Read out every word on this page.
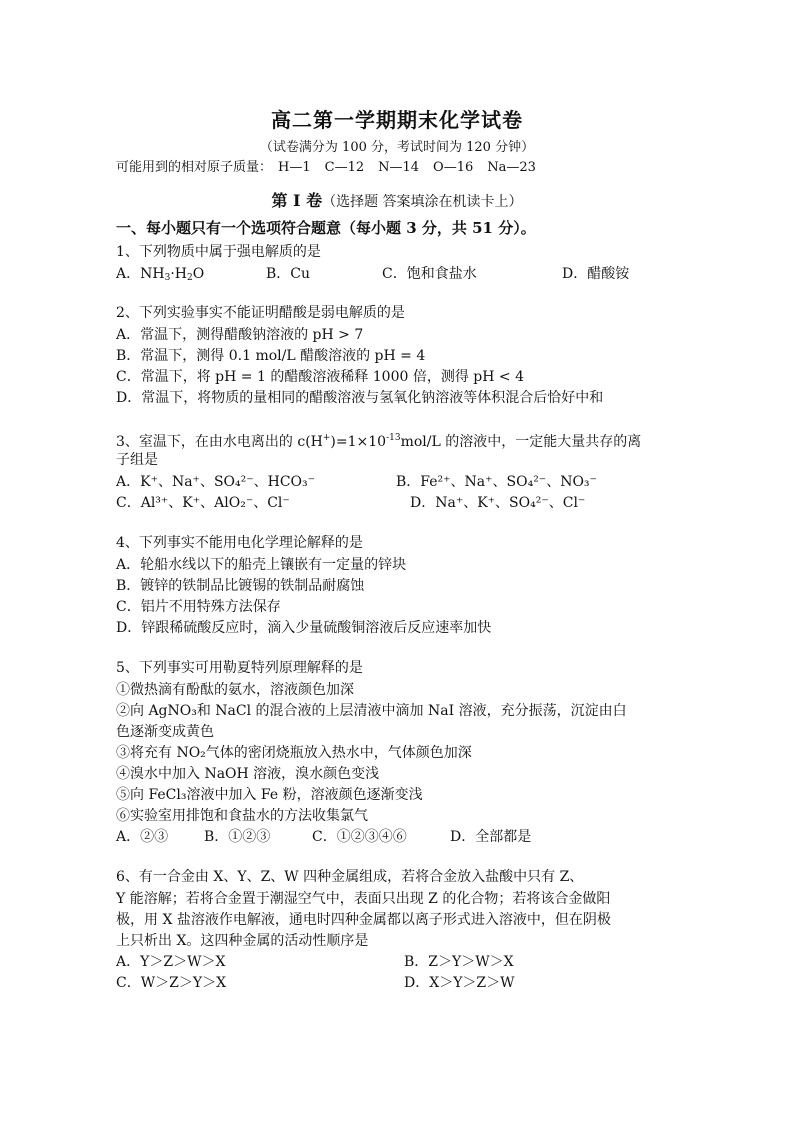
高二第一学期期末化学试卷
（试卷满分为 100 分，考试时间为 120 分钟）
可能用到的相对原子质量： H—1 C—12 N—14 O—16 Na—23
第 I 卷（选择题 答案填涂在机读卡上）
一、每小题只有一个选项符合题意（每小题 3 分，共 51 分）。
1、下列物质中属于强电解质的是
A．$NH_3\cdot H_2O$	B．Cu	C．饱和食盐水	D．醋酸铵
2、下列实验事实不能证明醋酸是弱电解质的是
A．常温下，测得醋酸钠溶液的 pH > 7
B．常温下，测得 0.1 mol/L 醋酸溶液的 pH = 4
C．常温下，将 pH = 1 的醋酸溶液稀释 1000 倍，测得 pH < 4
D．常温下，将物质的量相同的醋酸溶液与氢氧化钠溶液等体积混合后恰好中和
3、室温下，在由水电离出的 $c(H^+)=1\times 10^{-13}mol/L$ 的溶液中，一定能大量共存的离
子组是
A．K⁺、Na⁺、SO₄²⁻、HCO₃⁻	B．Fe²⁺、Na⁺、SO₄²⁻、NO₃⁻
C．Al³⁺、K⁺、AlO₂⁻、Cl⁻	D．Na⁺、K⁺、SO₄²⁻、Cl⁻
4、下列事实不能用电化学理论解释的是
A．轮船水线以下的船壳上镶嵌有一定量的锌块
B．镀锌的铁制品比镀锡的铁制品耐腐蚀
C．铝片不用特殊方法保存
D．锌跟稀硫酸反应时，滴入少量硫酸铜溶液后反应速率加快
5、下列事实可用勒夏特列原理解释的是
①微热滴有酚酞的氨水，溶液颜色加深
②向 AgNO₃和 NaCl 的混合液的上层清液中滴加 NaI 溶液，充分振荡，沉淀由白
色逐渐变成黄色
③将充有 NO₂气体的密闭烧瓶放入热水中，气体颜色加深
④溴水中加入 NaOH 溶液，溴水颜色变浅
⑤向 FeCl₃溶液中加入 Fe 粉，溶液颜色逐渐变浅
⑥实验室用排饱和食盐水的方法收集氯气
A．②③	B．①②③	C．①②③④⑥	D．全部都是
6、有一合金由 X、Y、Z、W 四种金属组成，若将合金放入盐酸中只有 Z、
Y 能溶解；若将合金置于潮湿空气中，表面只出现 Z 的化合物；若将该合金做阳
极，用 X 盐溶液作电解液，通电时四种金属都以离子形式进入溶液中，但在阴极
上只析出 X。这四种金属的活动性顺序是
A．Y＞Z＞W＞X	B．Z＞Y＞W＞X
C．W＞Z＞Y＞X	D．X＞Y＞Z＞W
